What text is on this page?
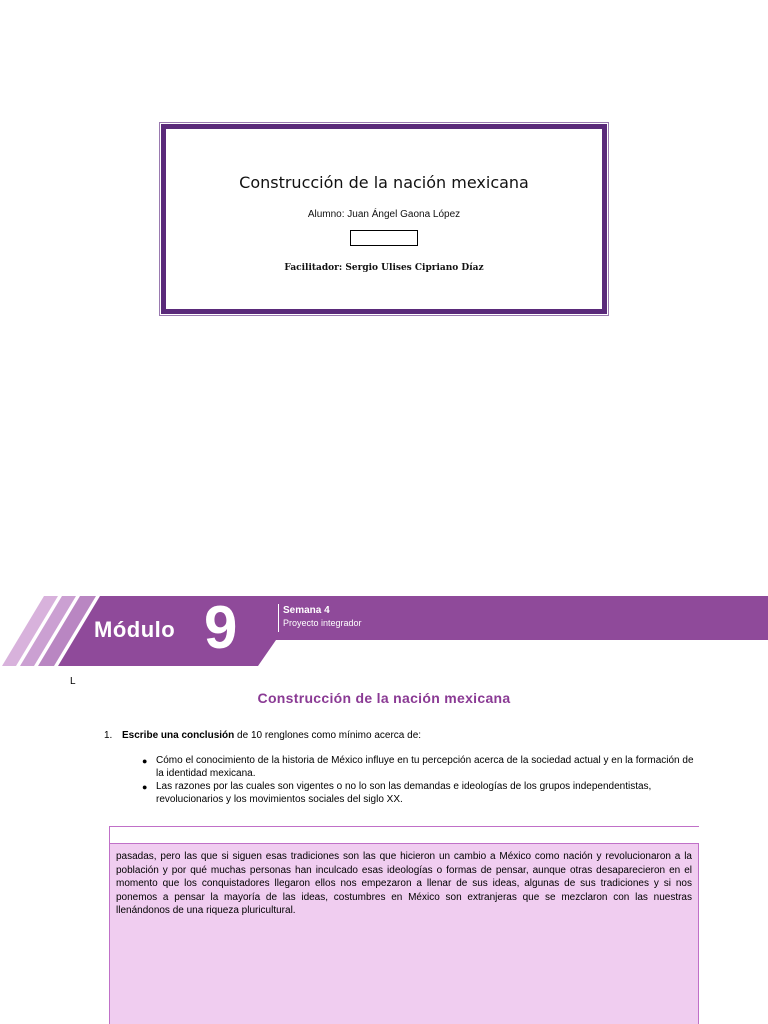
Construcción de la nación mexicana
Alumno: Juan Ángel Gaona López
Facilitador: Sergio Ulises Cipriano Díaz
Módulo 9	Semana 4
Proyecto integrador
L
Construcción de la nación mexicana
1. Escribe una conclusión de 10 renglones como mínimo acerca de:
● Cómo el conocimiento de la historia de México influye en tu percepción acerca de la sociedad actual y en la formación de la identidad mexicana.
● Las razones por las cuales son vigentes o no lo son las demandas e ideologías de los grupos independentistas, revolucionarios y los movimientos sociales del siglo XX.

pasadas, pero las que si siguen esas tradiciones son las que hicieron un cambio a México como nación y revolucionaron a la población y por qué muchas personas han inculcado esas ideologías o formas de pensar, aunque otras desaparecieron en el momento que los conquistadores llegaron ellos nos empezaron a llenar de sus ideas, algunas de sus tradiciones y si nos ponemos a pensar la mayoría de las ideas, costumbres en México son extranjeras que se mezclaron con las nuestras llenándonos de una riqueza pluricultural.
